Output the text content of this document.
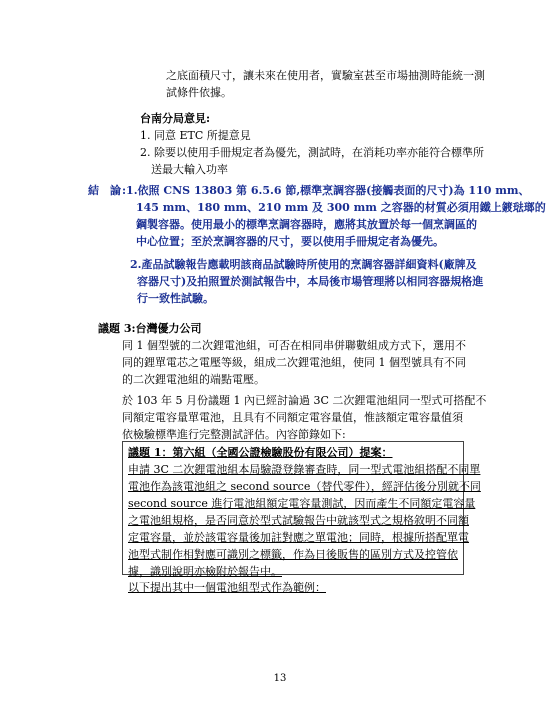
之底面積尺寸，讓未來在使用者，實驗室甚至市場抽測時能統一測
試條件依據。
台南分局意見:
1. 同意 ETC 所提意見
2. 除要以使用手冊規定者為優先，測試時，在消耗功率亦能符合標準所
送最大輸入功率
結　論 :1.依照 CNS 13803 第 6.5.6 節,標準烹調容器(接觸表面的尺寸)為 110 mm、
145 mm、180 mm、210 mm 及 300 mm 之容器的材質必須用鐵上鍍琺瑯的
鋼製容器。使用最小的標準烹調容器時，應將其放置於每一個烹調區的
中心位置；至於烹調容器的尺寸，要以使用手冊規定者為優先。
2.產品試驗報告應載明該商品試驗時所使用的烹調容器詳細資料(廠牌及
容器尺寸)及拍照置於測試報告中，本局後市場管理將以相同容器規格進
行一致性試驗。
議題 3:台灣優力公司
同 1 個型號的二次鋰電池組，可否在相同串併聯數組成方式下，選用不
同的鋰單電芯之電壓等級，組成二次鋰電池組，使同 1 個型號具有不同
的二次鋰電池組的端點電壓。
於 103 年 5 月份議題 1 內已經討論過 3C 二次鋰電池組同一型式可搭配不
同額定電容量單電池，且具有不同額定電容量值，惟該額定電容量值須
依檢驗標準進行完整測試評估。內容節錄如下:
議題 1：第六組（全國公證檢驗股份有限公司）提案：
申請 3C 二次鋰電池組本局驗證登錄審查時，同一型式電池組搭配不同單
電池作為該電池組之 second source（替代零件），經評估後分別就不同
second source 進行電池組額定電容量測試，因而產生不同額定電容量
之電池組規格，是否同意於型式試驗報告中就該型式之規格敘明不同額
定電容量，並於該電容量後加註對應之單電池；同時，根據所搭配單電
池型式制作相對應可識別之標籤，作為日後販售的區別方式及控管依
據，識別說明亦檢附於報告中。
以下提出其中一個電池組型式作為範例：
13
